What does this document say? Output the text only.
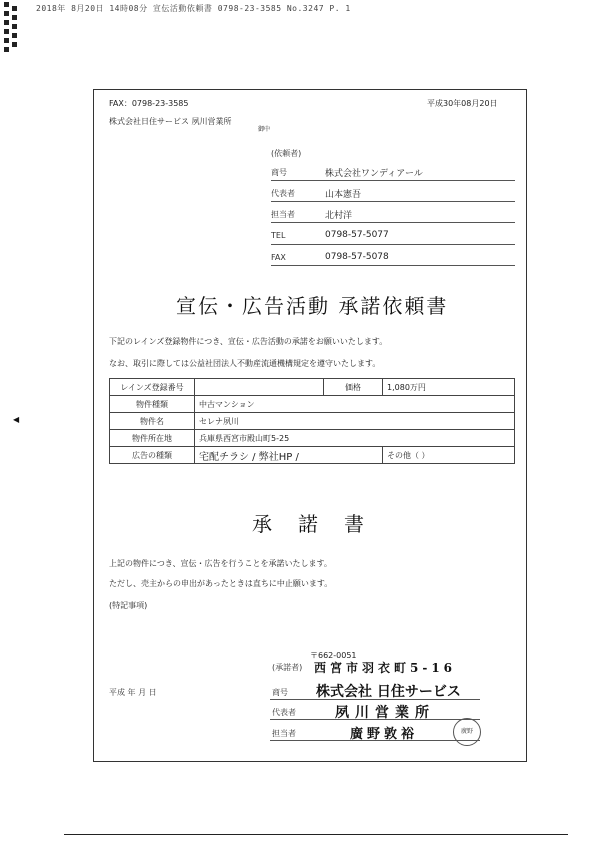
2018年 8月20日 14時08分 宣伝活動依頼書 0798-23-3585 No.3247 P. 1
FAX：0798-23-3585	平成30年08月20日
株式会社日住サービス 夙川営業所
御中
(依頼者)
商号	株式会社ワンディアール
代表者	山本憲吾
担当者	北村洋
TEL	0798-57-5077
FAX	0798-57-5078
宣伝・広告活動 承諾依頼書
下記のレインズ登録物件につき、宣伝・広告活動の承諾をお願いいたします。
なお、取引に際しては公益社団法人不動産流通機構規定を遵守いたします。
レインズ登録番号		価格	1,080万円
物件種類	中古マンション		
物件名	セレナ夙川		
物件所在地	兵庫県西宮市殿山町5-25		
広告の種類	宅配チラシ / 弊社HP /		その他（ ）
承諾書
上記の物件につき、宣伝・広告を行うことを承諾いたします。
ただし、売主からの申出があったときは直ちに中止願います。
(特記事項)
〒662-0051
(承諾者) 西宮市羽衣町5-16
平成 年 月 日	商号 株式会社 日住サービス
代表者	夙川営業所
担当者	廣野敦裕	廣野
◀
